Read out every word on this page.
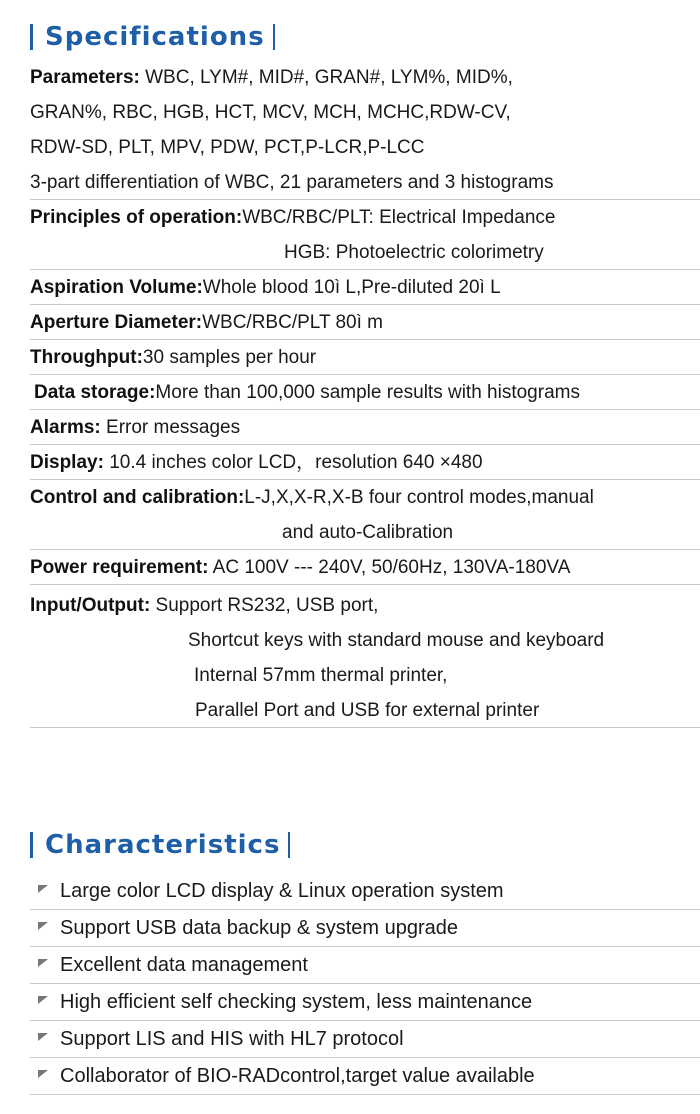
Specifications
Parameters: WBC, LYM#, MID#, GRAN#, LYM%, MID%,
GRAN%, RBC, HGB, HCT, MCV, MCH, MCHC,RDW-CV,
RDW-SD, PLT, MPV, PDW, PCT,P-LCR,P-LCC
3-part differentiation of WBC, 21 parameters and 3 histograms
Principles of operation:WBC/RBC/PLT: Electrical Impedance
HGB: Photoelectric colorimetry
Aspiration Volume:Whole blood 10ì L,Pre-diluted 20ì L
Aperture Diameter:WBC/RBC/PLT 80ì m
Throughput:30 samples per hour
Data storage:More than 100,000 sample results with histograms
Alarms: Error messages
Display: 10.4 inches color LCD，resolution 640 ×480
Control and calibration:L-J,X,X-R,X-B four control modes,manual
and auto-Calibration
Power requirement: AC 100V --- 240V, 50/60Hz, 130VA-180VA
Input/Output: Support RS232, USB port,
Shortcut keys with standard mouse and keyboard
Internal 57mm thermal printer,
Parallel Port and USB for external printer
Characteristics
Large color LCD display & Linux operation system
Support USB data backup & system upgrade
Excellent data management
High efficient self checking system, less maintenance
Support LIS and HIS with HL7 protocol
Collaborator of BIO-RADcontrol,target value available
